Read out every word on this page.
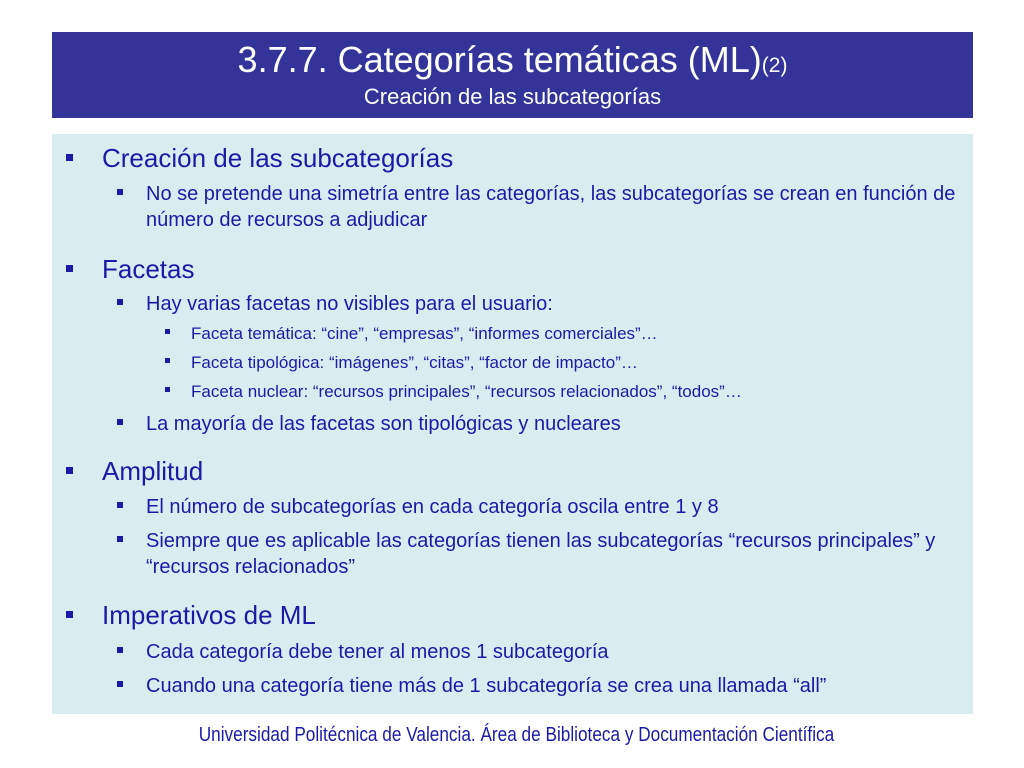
3.7.7. Categorías temáticas (ML)(2)
Creación de las subcategorías
Creación de las subcategorías
No se pretende una simetría entre las categorías, las subcategorías se crean en función de número de recursos a adjudicar
Facetas
Hay varias facetas no visibles para el usuario:
Faceta temática: “cine”, “empresas”, “informes comerciales”…
Faceta tipológica: “imágenes”, “citas”, “factor de impacto”…
Faceta nuclear: “recursos principales”, “recursos relacionados”, “todos”…
La mayoría de las facetas son tipológicas y nucleares
Amplitud
El número de subcategorías en cada categoría oscila entre 1 y 8
Siempre que es aplicable las categorías tienen las subcategorías “recursos principales” y “recursos relacionados”
Imperativos de ML
Cada categoría debe tener al menos 1 subcategoría
Cuando una categoría tiene más de 1 subcategoría se crea una llamada “all”
Universidad Politécnica de Valencia. Área de Biblioteca y Documentación Científica
